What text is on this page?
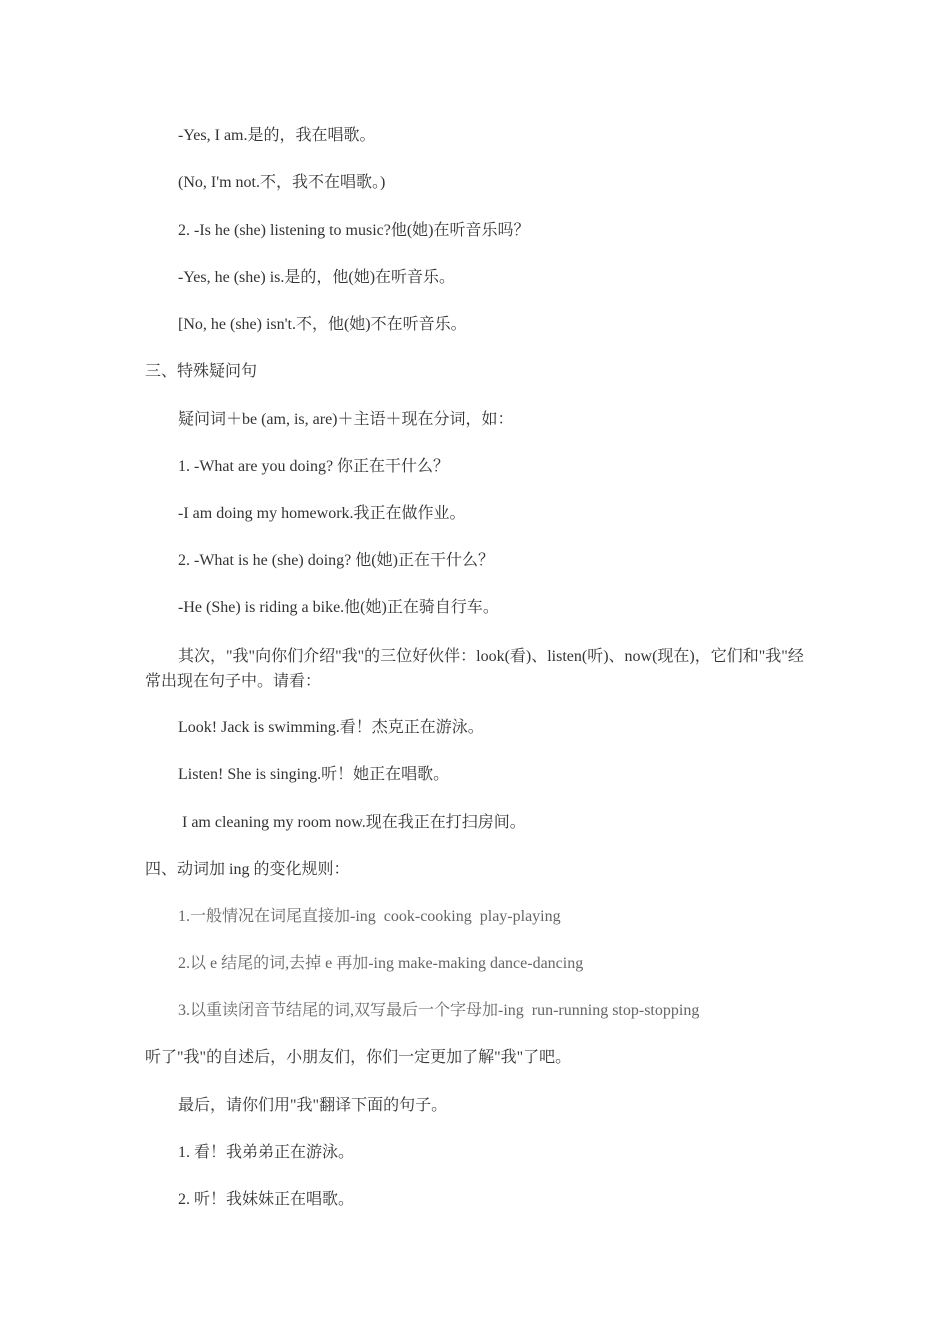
-Yes, I am.是的，我在唱歌。
(No, I'm not.不，我不在唱歌。)
2. -Is he (she) listening to music?他(她)在听音乐吗？
-Yes, he (she) is.是的，他(她)在听音乐。
[No, he (she) isn't.不，他(她)不在听音乐。
三、特殊疑问句
疑问词＋be (am, is, are)＋主语＋现在分词，如：
1. -What are you doing? 你正在干什么？
-I am doing my homework.我正在做作业。
2. -What is he (she) doing? 他(她)正在干什么？
-He (She) is riding a bike.他(她)正在骑自行车。
其次，"我"向你们介绍"我"的三位好伙伴：look(看)、listen(听)、now(现在)，它们和"我"经常出现在句子中。请看：
Look! Jack is swimming.看！杰克正在游泳。
Listen! She is singing.听！她正在唱歌。
I am cleaning my room now.现在我正在打扫房间。
四、动词加 ing 的变化规则：
1.一般情况在词尾直接加-ing  cook-cooking  play-playing
2.以 e 结尾的词,去掉 e 再加-ing make-making dance-dancing
3.以重读闭音节结尾的词,双写最后一个字母加-ing  run-running stop-stopping
听了"我"的自述后，小朋友们，你们一定更加了解"我"了吧。
最后，请你们用"我"翻译下面的句子。
1. 看！我弟弟正在游泳。
2. 听！我妹妹正在唱歌。
